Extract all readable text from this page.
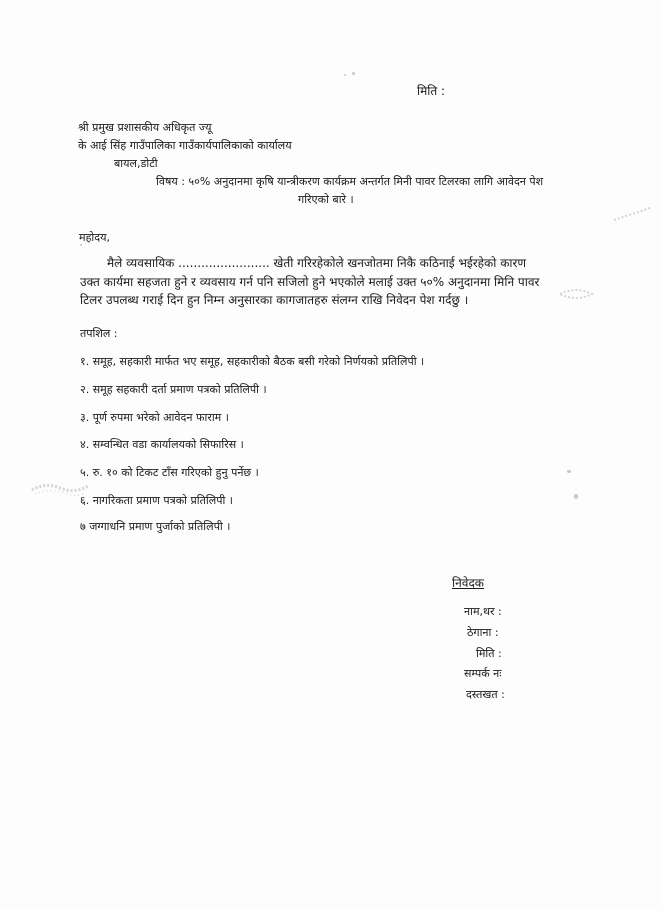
मिति :
श्री प्रमुख प्रशासकीय अधिकृत ज्यू
के आई सिंह गाउँपालिका गाउँकार्यपालिकाको कार्यालय
बायल,डोटी
विषय : ५०% अनुदानमा कृषि यान्त्रीकरण कार्यक्रम अन्तर्गत मिनी पावर टिलरका लागि आवेदन पेश
गरिएको बारे ।
महोदय,
मैले व्यवसायिक ........................ खेती गरिरहेकोले खनजोतमा निकै कठिनाई भईरहेको कारण
उक्त कार्यमा सहजता हुने र व्यवसाय गर्न पनि सजिलो हुने भएकोले मलाई उक्त ५०% अनुदानमा मिनि पावर
टिलर उपलब्ध गराई दिन हुन निम्न अनुसारका कागजातहरु संलग्न राखि निवेदन पेश गर्दछु ।
तपशिल :
१. समूह, सहकारी मार्फत भए समूह, सहकारीको बैठक बसी गरेको निर्णयको प्रतिलिपी ।
२. समूह सहकारी दर्ता प्रमाण पत्रको प्रतिलिपी ।
३. पूर्ण रुपमा भरेको आवेदन फाराम ।
४. सम्वन्धित वडा कार्यालयको सिफारिस ।
५. रु. १० को टिकट टाँस गरिएको हुनु पर्नेछ ।
६. नागरिकता प्रमाण पत्रको प्रतिलिपी ।
७ जग्गाधनि प्रमाण पुर्जाको प्रतिलिपी ।
निवेदक
नाम,थर :
ठेगाना :
मिति :
सम्पर्क नः
दस्तखत :
